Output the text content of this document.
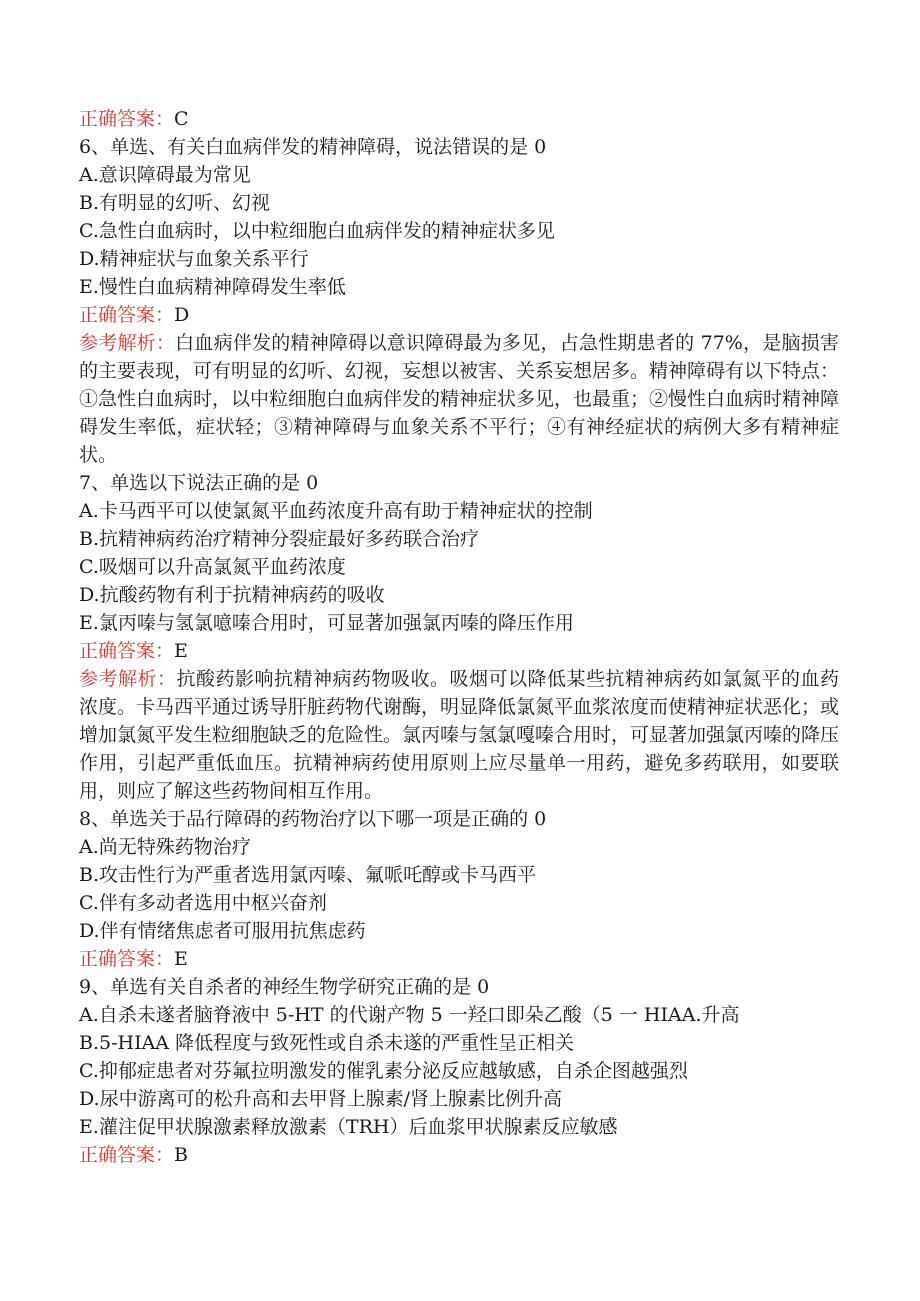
正确答案：C
6、单选、有关白血病伴发的精神障碍，说法错误的是 0
A.意识障碍最为常见
B.有明显的幻听、幻视
C.急性白血病时，以中粒细胞白血病伴发的精神症状多见
D.精神症状与血象关系平行
E.慢性白血病精神障碍发生率低
正确答案：D
参考解析：白血病伴发的精神障碍以意识障碍最为多见，占急性期患者的 77%，是脑损害的主要表现，可有明显的幻听、幻视，妄想以被害、关系妄想居多。精神障碍有以下特点：①急性白血病时，以中粒细胞白血病伴发的精神症状多见，也最重；②慢性白血病时精神障碍发生率低，症状轻；③精神障碍与血象关系不平行；④有神经症状的病例大多有精神症状。
7、单选以下说法正确的是 0
A.卡马西平可以使氯氮平血药浓度升高有助于精神症状的控制
B.抗精神病药治疗精神分裂症最好多药联合治疗
C.吸烟可以升高氯氮平血药浓度
D.抗酸药物有利于抗精神病药的吸收
E.氯丙嗪与氢氯噫嗪合用时，可显著加强氯丙嗪的降压作用
正确答案：E
参考解析：抗酸药影响抗精神病药物吸收。吸烟可以降低某些抗精神病药如氯氮平的血药浓度。卡马西平通过诱导肝脏药物代谢酶，明显降低氯氮平血浆浓度而使精神症状恶化；或增加氯氮平发生粒细胞缺乏的危险性。氯丙嗪与氢氯嘎嗪合用时，可显著加强氯丙嗪的降压作用，引起严重低血压。抗精神病药使用原则上应尽量单一用药，避免多药联用，如要联用，则应了解这些药物间相互作用。
8、单选关于品行障碍的药物治疗以下哪一项是正确的 0
A.尚无特殊药物治疗
B.攻击性行为严重者选用氯丙嗪、氟哌吒醇或卡马西平
C.伴有多动者选用中枢兴奋剂
D.伴有情绪焦虑者可服用抗焦虑药
正确答案：E
9、单选有关自杀者的神经生物学研究正确的是 0
A.自杀未遂者脑脊液中 5-HT 的代谢产物 5 一羟口即朵乙酸（5 一 HIAA.升高
B.5-HIAA 降低程度与致死性或自杀未遂的严重性呈正相关
C.抑郁症患者对芬氟拉明激发的催乳素分泌反应越敏感，自杀企图越强烈
D.尿中游离可的松升高和去甲肾上腺素/肾上腺素比例升高
E.灌注促甲状腺激素释放激素（TRH）后血浆甲状腺素反应敏感
正确答案：B
